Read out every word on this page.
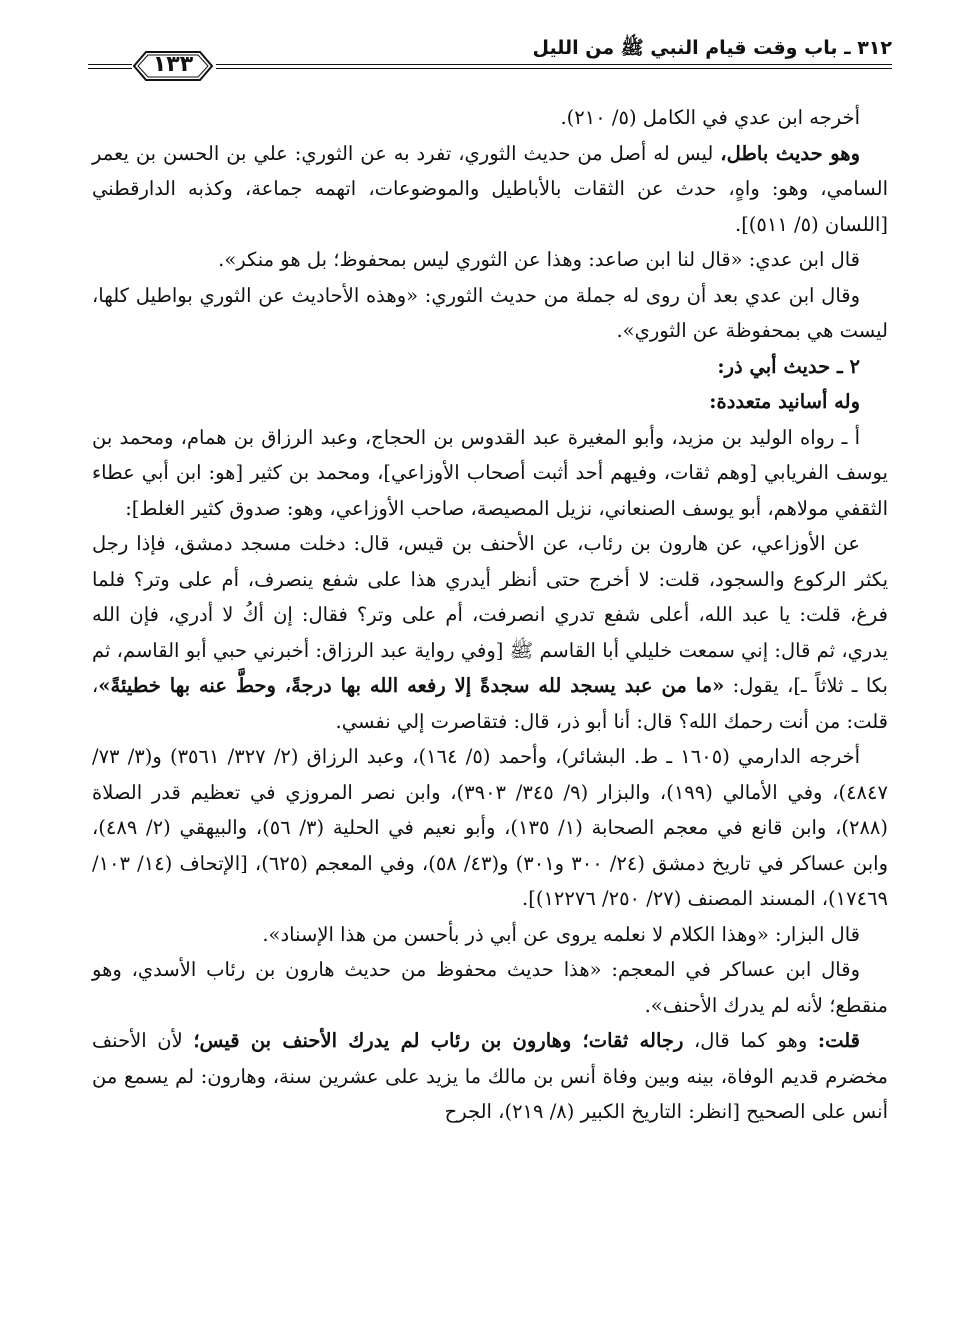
٣١٢ ـ باب وقت قيام النبي ﷺ من الليل
١٣٣

أخرجه ابن عدي في الكامل (٥/ ٢١٠).

وهو حديث باطل، ليس له أصل من حديث الثوري، تفرد به عن الثوري: علي بن الحسن بن يعمر السامي، وهو: واهٍ، حدث عن الثقات بالأباطيل والموضوعات، اتهمه جماعة، وكذبه الدارقطني [اللسان (٥/ ٥١١)].

قال ابن عدي: «قال لنا ابن صاعد: وهذا عن الثوري ليس بمحفوظ؛ بل هو منكر».

وقال ابن عدي بعد أن روى له جملة من حديث الثوري: «وهذه الأحاديث عن الثوري بواطيل كلها، ليست هي بمحفوظة عن الثوري».

٢ ـ حديث أبي ذر:

وله أسانيد متعددة:

أ ـ رواه الوليد بن مزيد، وأبو المغيرة عبد القدوس بن الحجاج، وعبد الرزاق بن همام، ومحمد بن يوسف الفريابي [وهم ثقات، وفيهم أحد أثبت أصحاب الأوزاعي]، ومحمد بن كثير [هو: ابن أبي عطاء الثقفي مولاهم، أبو يوسف الصنعاني، نزيل المصيصة، صاحب الأوزاعي، وهو: صدوق كثير الغلط]:

عن الأوزاعي، عن هارون بن رئاب، عن الأحنف بن قيس، قال: دخلت مسجد دمشق، فإذا رجل يكثر الركوع والسجود، قلت: لا أخرج حتى أنظر أيدري هذا على شفع ينصرف، أم على وتر؟ فلما فرغ، قلت: يا عبد الله، أعلى شفع تدري انصرفت، أم على وتر؟ فقال: إن أكُ لا أدري، فإن الله يدري، ثم قال: إني سمعت خليلي أبا القاسم ﷺ [وفي رواية عبد الرزاق: أخبرني حبي أبو القاسم، ثم بكا ـ ثلاثاً ـ]، يقول: «ما من عبد يسجد لله سجدةً إلا رفعه الله بها درجةً، وحطَّ عنه بها خطيئةً»، قلت: من أنت رحمك الله؟ قال: أنا أبو ذر، قال: فتقاصرت إلي نفسي.

أخرجه الدارمي (١٦٠٥ ـ ط. البشائر)، وأحمد (٥/ ١٦٤)، وعبد الرزاق (٢/ ٣٢٧/ ٣٥٦١) و(٣/ ٧٣/ ٤٨٤٧)، وفي الأمالي (١٩٩)، والبزار (٩/ ٣٤٥/ ٣٩٠٣)، وابن نصر المروزي في تعظيم قدر الصلاة (٢٨٨)، وابن قانع في معجم الصحابة (١/ ١٣٥)، وأبو نعيم في الحلية (٣/ ٥٦)، والبيهقي (٢/ ٤٨٩)، وابن عساكر في تاريخ دمشق (٢٤/ ٣٠٠ و٣٠١) و(٤٣/ ٥٨)، وفي المعجم (٦٢٥)، [الإتحاف (١٤/ ١٠٣/ ١٧٤٦٩)، المسند المصنف (٢٧/ ٢٥٠/ ١٢٢٧٦)].

قال البزار: «وهذا الكلام لا نعلمه يروى عن أبي ذر بأحسن من هذا الإسناد».

وقال ابن عساكر في المعجم: «هذا حديث محفوظ من حديث هارون بن رئاب الأسدي، وهو منقطع؛ لأنه لم يدرك الأحنف».

قلت: وهو كما قال، رجاله ثقات؛ وهارون بن رئاب لم يدرك الأحنف بن قيس؛ لأن الأحنف مخضرم قديم الوفاة، بينه وبين وفاة أنس بن مالك ما يزيد على عشرين سنة، وهارون: لم يسمع من أنس على الصحيح [انظر: التاريخ الكبير (٨/ ٢١٩)، الجرح
